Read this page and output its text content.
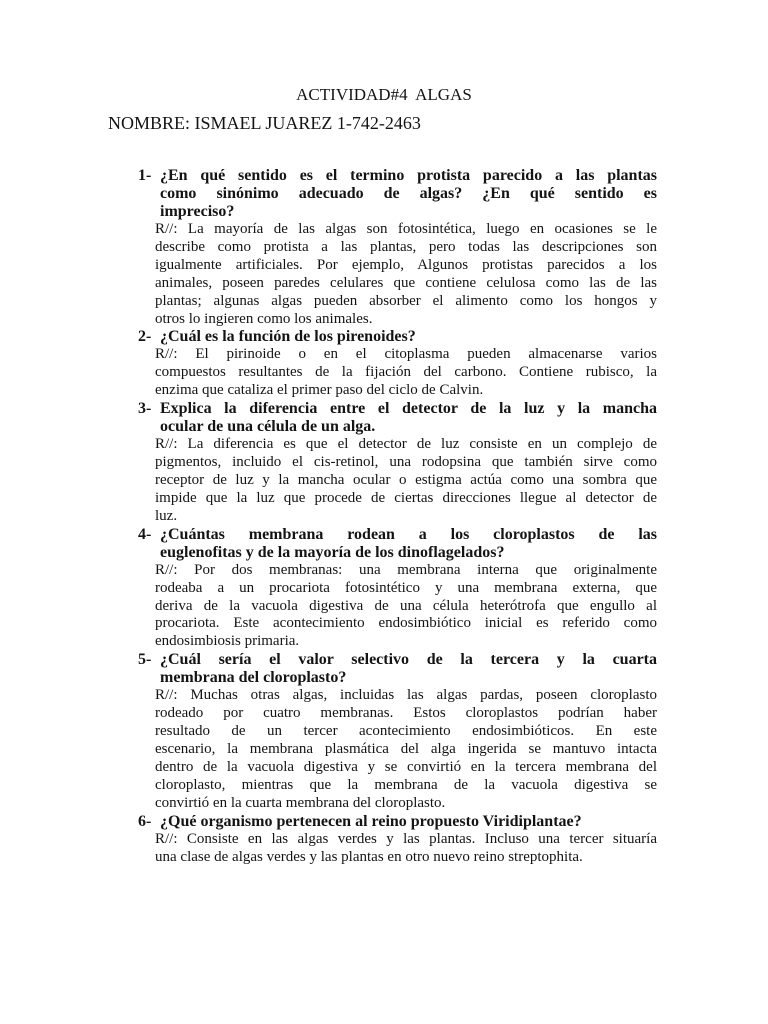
ACTIVIDAD#4  ALGAS
NOMBRE: ISMAEL JUAREZ 1-742-2463
1- ¿En qué sentido es el termino protista parecido a las plantas
como sinónimo adecuado de algas? ¿En qué sentido es
impreciso?
R//: La mayoría de las algas son fotosintética, luego en ocasiones se le
describe como protista a las plantas, pero todas las descripciones son
igualmente artificiales. Por ejemplo, Algunos protistas parecidos a los
animales, poseen paredes celulares que contiene celulosa como las de las
plantas; algunas algas pueden absorber el alimento como los hongos y
otros lo ingieren como los animales.
2- ¿Cuál es la función de los pirenoides?
R//: El pirinoide o en el citoplasma pueden almacenarse varios
compuestos resultantes de la fijación del carbono. Contiene rubisco, la
enzima que cataliza el primer paso del ciclo de Calvin.
3- Explica la diferencia entre el detector de la luz y la mancha
ocular de una célula de un alga.
R//: La diferencia es que el detector de luz consiste en un complejo de
pigmentos, incluido el cis-retinol, una rodopsina que también sirve como
receptor de luz y la mancha ocular o estigma actúa como una sombra que
impide que la luz que procede de ciertas direcciones llegue al detector de
luz.
4- ¿Cuántas membrana rodean a los cloroplastos de las
euglenofitas y de la mayoría de los dinoflagelados?
R//: Por dos membranas: una membrana interna que originalmente
rodeaba a un procariota fotosintético y una membrana externa, que
deriva de la vacuola digestiva de una célula heterótrofa que engullo al
procariota. Este acontecimiento endosimbiótico inicial es referido como
endosimbiosis primaria.
5- ¿Cuál sería el valor selectivo de la tercera y la cuarta
membrana del cloroplasto?
R//: Muchas otras algas, incluidas las algas pardas, poseen cloroplasto
rodeado por cuatro membranas. Estos cloroplastos podrían haber
resultado de un tercer acontecimiento endosimbióticos. En este
escenario, la membrana plasmática del alga ingerida se mantuvo intacta
dentro de la vacuola digestiva y se convirtió en la tercera membrana del
cloroplasto, mientras que la membrana de la vacuola digestiva se
convirtió en la cuarta membrana del cloroplasto.
6- ¿Qué organismo pertenecen al reino propuesto Viridiplantae?
R//: Consiste en las algas verdes y las plantas. Incluso una tercer situaría
una clase de algas verdes y las plantas en otro nuevo reino streptophita.
